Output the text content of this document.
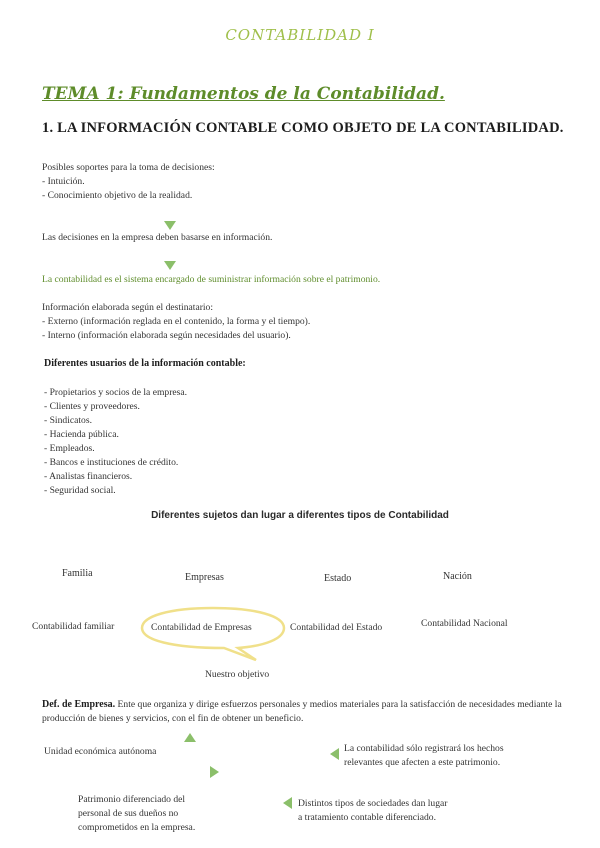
CONTABILIDAD I
TEMA 1: Fundamentos de la Contabilidad.
1. LA INFORMACIÓN CONTABLE COMO OBJETO DE LA CONTABILIDAD.
Posibles soportes para la toma de decisiones:
- Intuición.
- Conocimiento objetivo de la realidad.
Las decisiones en la empresa deben basarse en información.
La contabilidad es el sistema encargado de suministrar información sobre el patrimonio.
Información elaborada según el destinatario:
- Externo (información reglada en el contenido, la forma y el tiempo).
- Interno (información elaborada según necesidades del usuario).
Diferentes usuarios de la información contable:
- Propietarios y socios de la empresa.
- Clientes y proveedores.
- Sindicatos.
- Hacienda pública.
- Empleados.
- Bancos e instituciones de crédito.
- Analistas financieros.
- Seguridad social.
Diferentes sujetos dan lugar a diferentes tipos de Contabilidad
Familia	Empresas	Estado	Nación
Contabilidad familiar	Contabilidad de Empresas	Contabilidad del Estado	Contabilidad Nacional
Nuestro objetivo
Def. de Empresa. Ente que organiza y dirige esfuerzos personales y medios materiales para la satisfacción de necesidades mediante la producción de bienes y servicios, con el fin de obtener un beneficio.
Unidad económica autónoma
Patrimonio diferenciado del
personal de sus dueños no
comprometidos en la empresa.
La contabilidad sólo registrará los hechos
relevantes que afecten a este patrimonio.
Distintos tipos de sociedades dan lugar
a tratamiento contable diferenciado.
